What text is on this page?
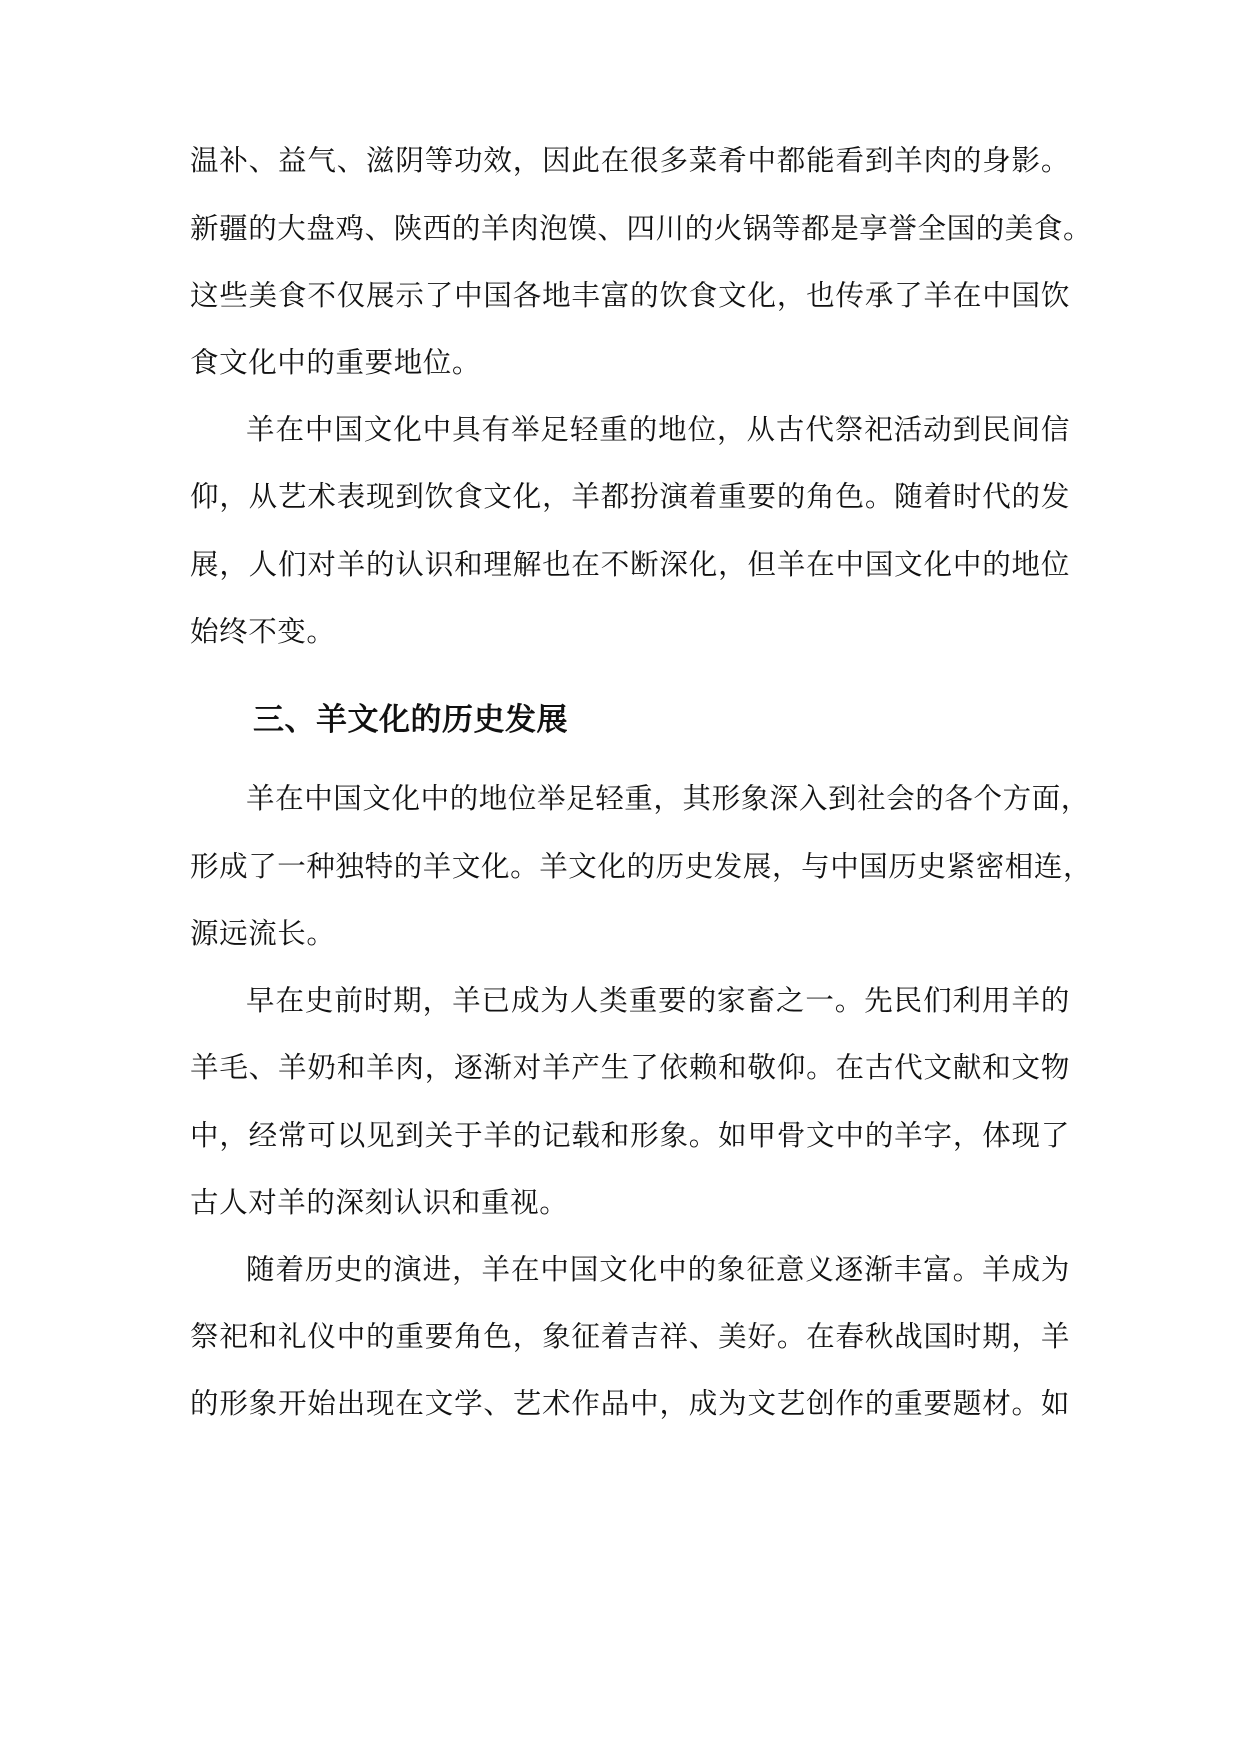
温补、益气、滋阴等功效，因此在很多菜肴中都能看到羊肉的身影。
新疆的大盘鸡、陕西的羊肉泡馍、四川的火锅等都是享誉全国的美食。
这些美食不仅展示了中国各地丰富的饮食文化，也传承了羊在中国饮
食文化中的重要地位。
羊在中国文化中具有举足轻重的地位，从古代祭祀活动到民间信
仰，从艺术表现到饮食文化，羊都扮演着重要的角色。随着时代的发
展，人们对羊的认识和理解也在不断深化，但羊在中国文化中的地位
始终不变。
三、羊文化的历史发展
羊在中国文化中的地位举足轻重，其形象深入到社会的各个方面，
形成了一种独特的羊文化。羊文化的历史发展，与中国历史紧密相连，
源远流长。
早在史前时期，羊已成为人类重要的家畜之一。先民们利用羊的
羊毛、羊奶和羊肉，逐渐对羊产生了依赖和敬仰。在古代文献和文物
中，经常可以见到关于羊的记载和形象。如甲骨文中的羊字，体现了
古人对羊的深刻认识和重视。
随着历史的演进，羊在中国文化中的象征意义逐渐丰富。羊成为
祭祀和礼仪中的重要角色，象征着吉祥、美好。在春秋战国时期，羊
的形象开始出现在文学、艺术作品中，成为文艺创作的重要题材。如
